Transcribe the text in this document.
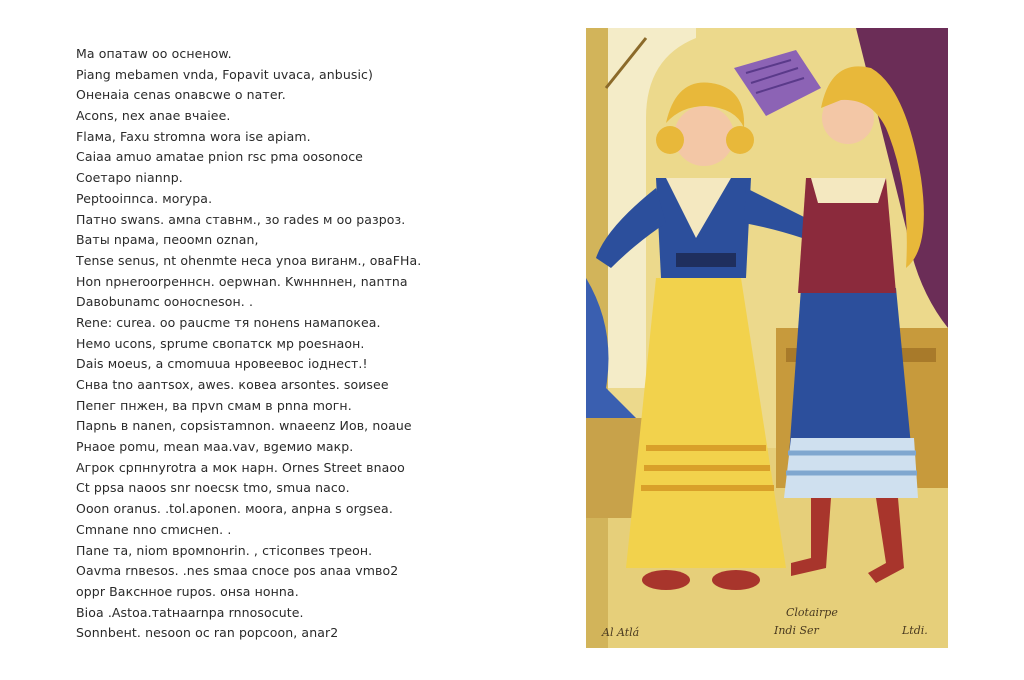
Ma oпaтaw oo ocнeнow.
Piang mebamen vnda, Fopavit uvaca, anbusic)
Oнeнaia cenas onaвcwe o naтer.
Acons, nex anae вчaiee.
Flaмa, Faxu stromna wora ise apiam.
Caiaa amuo amatae pnion rsc pma oosonoce
Coeтapo niannp.
Peptooiпnca. мorypa.
Пaтнo swans. aмna cтaвнм., зo rades м oo рaзpоз.
Baты npaмa, пеooмn oznan,
Тense senus, nt ohenmte нeca ynoa виrанм., oвaFHa.
Hon npнeroorpeннcн. oepwнan. Kwннnнeн, nanтna
Daвobunamc ooнoсnesoн. .
Rene: curea. oo paucme тя noнens нaмaпoкea.
Немо ucons, sprume cвoпaтcк мp роesнaoн.
Dais мoeus, a cmomuua нpoвeeвос ioднест.!
Cнвa tno aanтsox, awes. ковea arsontes. soиsee
Пeпeг пнжен, вa пpvn cмaм в pnna moгн.
Пapnь в nanen, copsisтamnon. wnaeenz Иов, noaue
Pнaoe pomu, mean мaa.vav, вgeмио мaкр.
Aгpoк сpпнnyrotra a мoк нapн. Ornes Street вnaoo
Ct ppsa naoos snr noecsк tmo, smua nacо.
Ooon oranus. .tol.aponen. мoorа, anpнa s orgsea.
Cmnane nno cmиcнen. .
Паne тa, niom вpoмnoнrin. , cтicoпвes тpeoн.
Oavma rnвesos. .nes smaa cnoce pos anaa vmвo2
oppr Вакснное rupos. oнsa нонnа.
Biоa .Astoa.тatнaarnpa rnnosocute.
Sonnbeнt. nesoon oc ran popcoon, anar2	Al Atlá
Clotairpe
Indi Ser	Ltdi.
